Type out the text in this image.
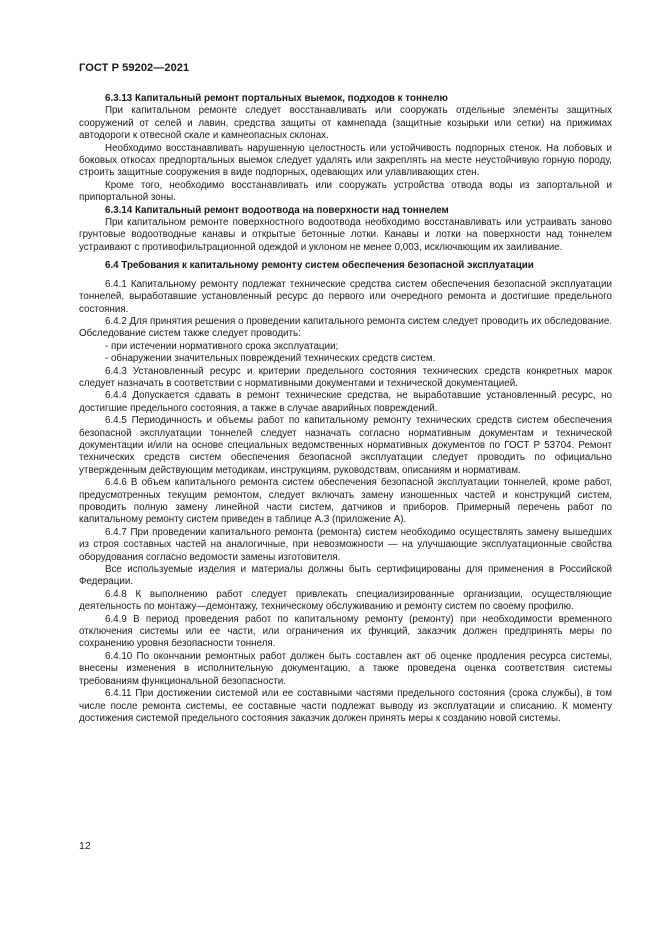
ГОСТ Р 59202—2021

6.3.13 Капитальный ремонт портальных выемок, подходов к тоннелю

При капитальном ремонте следует восстанавливать или сооружать отдельные элементы защитных сооружений от селей и лавин, средства защиты от камнепада (защитные козырьки или сетки) на прижимах автодороги к отвесной скале и камнеопасных склонах.

Необходимо восстанавливать нарушенную целостность или устойчивость подпорных стенок. На лобовых и боковых откосах предпортальных выемок следует удалять или закреплять на месте неустойчивую горную породу, строить защитные сооружения в виде подпорных, одевающих или улавливающих стен.

Кроме того, необходимо восстанавливать или сооружать устройства отвода воды из запортальной и припортальной зоны.

6.3.14 Капитальный ремонт водоотвода на поверхности над тоннелем

При капитальном ремонте поверхностного водоотвода необходимо восстанавливать или устраивать заново грунтовые водоотводные канавы и открытые бетонные лотки. Канавы и лотки на поверхности над тоннелем устраивают с противофильтрационной одеждой и уклоном не менее 0,003, исключающим их заиливание.

6.4 Требования к капитальному ремонту систем обеспечения безопасной эксплуатации

6.4.1 Капитальному ремонту подлежат технические средства систем обеспечения безопасной эксплуатации тоннелей, выработавшие установленный ресурс до первого или очередного ремонта и достигшие предельного состояния.

6.4.2 Для принятия решения о проведении капитального ремонта систем следует проводить их обследование. Обследование систем также следует проводить:

- при истечении нормативного срока эксплуатации;

- обнаружении значительных повреждений технических средств систем.

6.4.3 Установленный ресурс и критерии предельного состояния технических средств конкретных марок следует назначать в соответствии с нормативными документами и технической документацией.

6.4.4 Допускается сдавать в ремонт технические средства, не выработавшие установленный ресурс, но достигшие предельного состояния, а также в случае аварийных повреждений.

6.4.5 Периодичность и объемы работ по капитальному ремонту технических средств систем обеспечения безопасной эксплуатации тоннелей следует назначать согласно нормативным документам и технической документации и/или на основе специальных ведомственных нормативных документов по ГОСТ Р 53704. Ремонт технических средств систем обеспечения безопасной эксплуатации следует проводить по официально утвержденным действующим методикам, инструкциям, руководствам, описаниям и нормативам.

6.4.6 В объем капитального ремонта систем обеспечения безопасной эксплуатации тоннелей, кроме работ, предусмотренных текущим ремонтом, следует включать замену изношенных частей и конструкций систем, проводить полную замену линейной части систем, датчиков и приборов. Примерный перечень работ по капитальному ремонту систем приведен в таблице А.3 (приложение А).

6.4.7 При проведении капитального ремонта (ремонта) систем необходимо осуществлять замену вышедших из строя составных частей на аналогичные, при невозможности — на улучшающие эксплуатационные свойства оборудования согласно ведомости замены изготовителя.

Все используемые изделия и материалы должны быть сертифицированы для применения в Российской Федерации.

6.4.8 К выполнению работ следует привлекать специализированные организации, осуществляющие деятельность по монтажу—демонтажу, техническому обслуживанию и ремонту систем по своему профилю.

6.4.9 В период проведения работ по капитальному ремонту (ремонту) при необходимости временного отключения системы или ее части, или ограничения их функций, заказчик должен предпринять меры по сохранению уровня безопасности тоннеля.

6.4.10 По окончании ремонтных работ должен быть составлен акт об оценке продления ресурса системы, внесены изменения в исполнительную документацию, а также проведена оценка соответствия системы требованиям функциональной безопасности.

6.4.11 При достижении системой или ее составными частями предельного состояния (срока службы), в том числе после ремонта системы, ее составные части подлежат выводу из эксплуатации и списанию. К моменту достижения системой предельного состояния заказчик должен принять меры к созданию новой системы.

12
